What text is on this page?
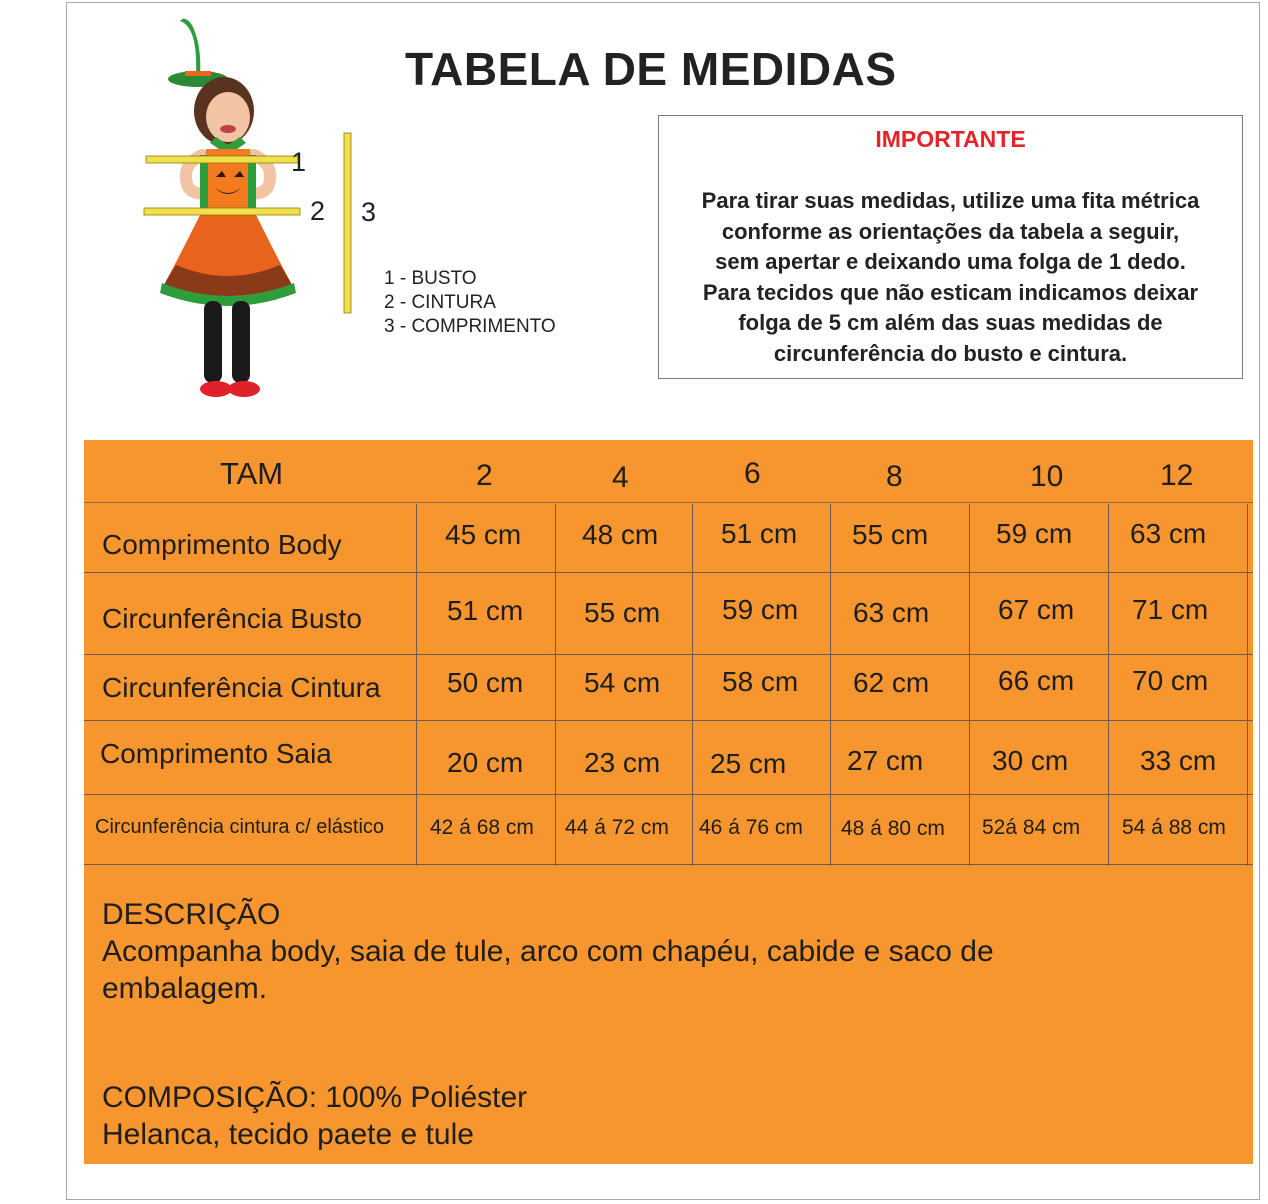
TABELA DE MEDIDAS
1
2 3
1 - BUSTO
2 - CINTURA
3 - COMPRIMENTO
IMPORTANTE
Para tirar suas medidas, utilize uma fita métrica
conforme as orientações da tabela a seguir,
sem apertar e deixando uma folga de 1 dedo.
Para tecidos que não esticam indicamos deixar
folga de 5 cm além das suas medidas de
circunferência do busto e cintura.
TAM	2	4	6	8	10	12
Comprimento Body	45 cm 48 cm 51 cm 55 cm 59 cm 63 cm
Circunferência Busto	51 cm 55 cm 59 cm 63 cm 67 cm 71 cm
Circunferência Cintura 50 cm 54 cm 58 cm 62 cm 66 cm 70 cm
Comprimento Saia	20 cm 23 cm 25 cm 27 cm 30 cm	33 cm
Circunferência cintura c/ elástico 42 á 68 cm 44 á 72 cm 46 á 76 cm 48 á 80 cm 52á 84 cm 54 á 88 cm
DESCRIÇÃO
Acompanha body, saia de tule, arco com chapéu, cabide e saco de
embalagem.
COMPOSIÇÃO: 100% Poliéster
Helanca, tecido paete e tule
